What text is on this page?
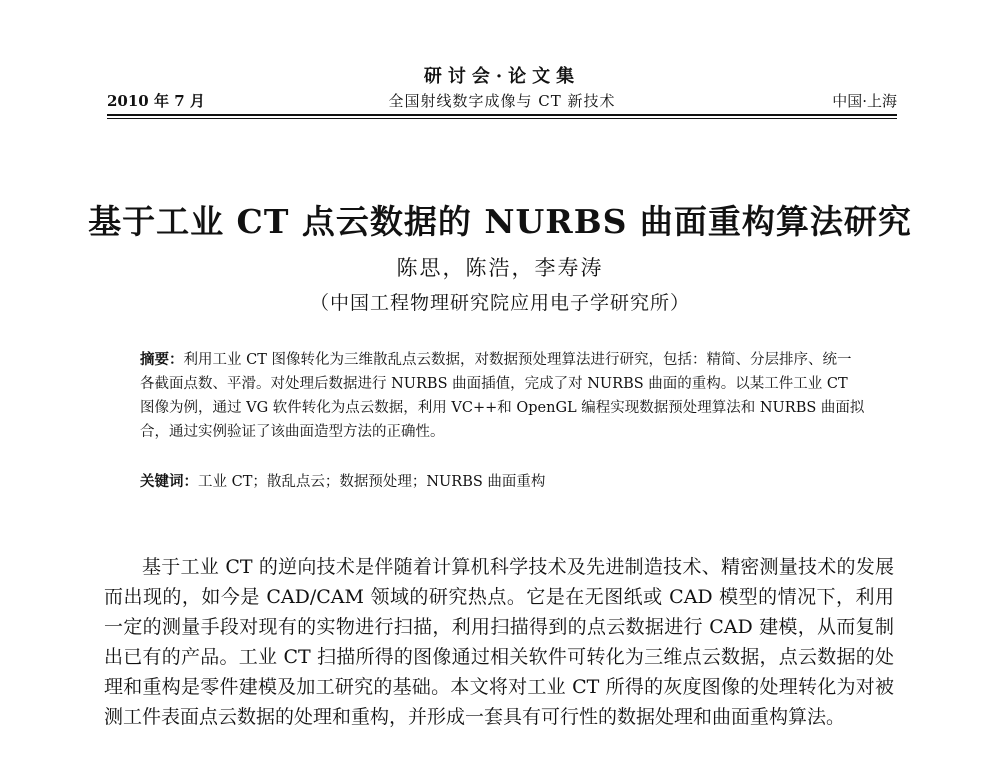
研讨会·论文集
2010 年 7 月	全国射线数字成像与 CT 新技术	中国·上海
基于工业 CT 点云数据的 NURBS 曲面重构算法研究
陈思，陈浩，李寿涛
（中国工程物理研究院应用电子学研究所）
摘要：利用工业 CT 图像转化为三维散乱点云数据，对数据预处理算法进行研究，包括：精简、分层排序、统一各截面点数、平滑。对处理后数据进行 NURBS 曲面插值，完成了对 NURBS 曲面的重构。以某工件工业 CT 图像为例，通过 VG 软件转化为点云数据，利用 VC++和 OpenGL 编程实现数据预处理算法和 NURBS 曲面拟合，通过实例验证了该曲面造型方法的正确性。
关键词：工业 CT；散乱点云；数据预处理；NURBS 曲面重构
基于工业 CT 的逆向技术是伴随着计算机科学技术及先进制造技术、精密测量技术的发展而出现的，如今是 CAD/CAM 领域的研究热点。它是在无图纸或 CAD 模型的情况下，利用一定的测量手段对现有的实物进行扫描，利用扫描得到的点云数据进行 CAD 建模，从而复制出已有的产品。工业 CT 扫描所得的图像通过相关软件可转化为三维点云数据，点云数据的处理和重构是零件建模及加工研究的基础。本文将对工业 CT 所得的灰度图像的处理转化为对被测工件表面点云数据的处理和重构，并形成一套具有可行性的数据处理和曲面重构算法。
